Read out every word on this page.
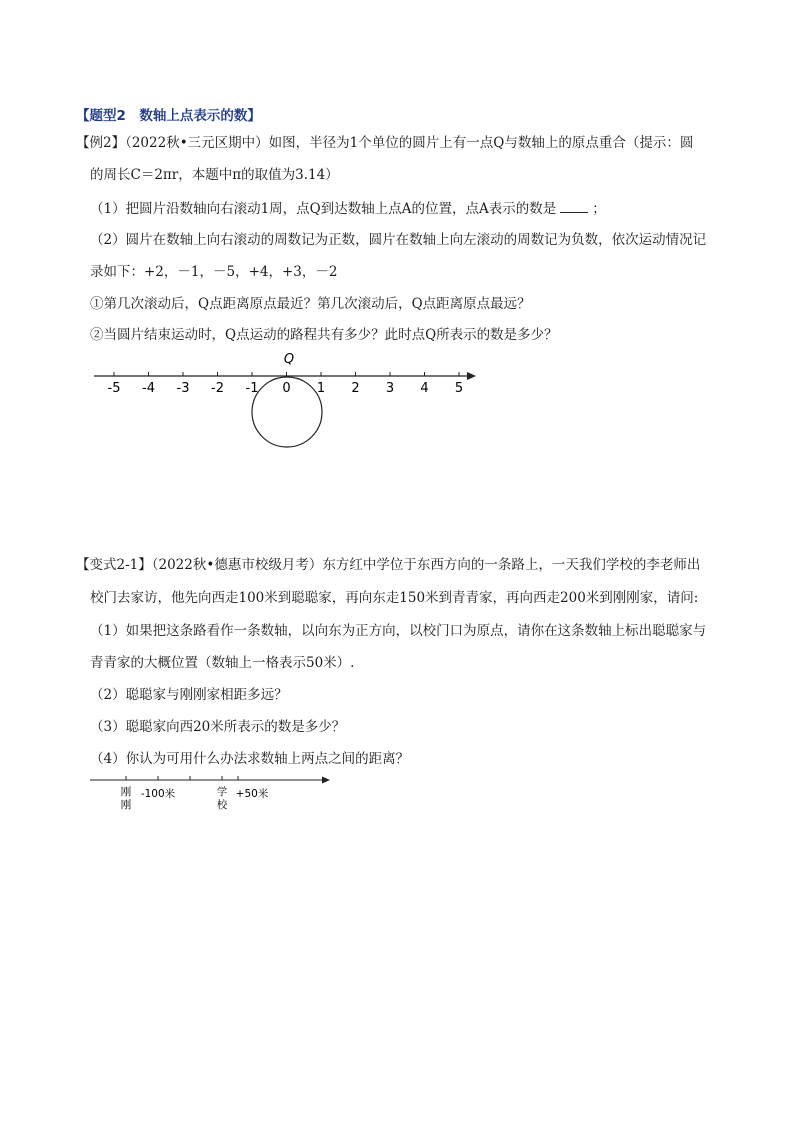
【题型2　数轴上点表示的数】
【例2】（2022秋•三元区期中）如图，半径为1个单位的圆片上有一点Q与数轴上的原点重合（提示：圆
的周长C＝2πr，本题中π的取值为3.14）
（1）把圆片沿数轴向右滚动1周，点Q到达数轴上点A的位置，点A表示的数是	；
（2）圆片在数轴上向右滚动的周数记为正数，圆片在数轴上向左滚动的周数记为负数，依次运动情况记
录如下：+2，－1，－5，+4，+3，－2
①第几次滚动后，Q点距离原点最近？第几次滚动后，Q点距离原点最远？
②当圆片结束运动时，Q点运动的路程共有多少？此时点Q所表示的数是多少？
-5 -4 -3 -2 -1 0 1 2 3 4 5
Q
【变式2-1】（2022秋•德惠市校级月考）东方红中学位于东西方向的一条路上，一天我们学校的李老师出
校门去家访，他先向西走100米到聪聪家，再向东走150米到青青家，再向西走200米到刚刚家，请问:
（1）如果把这条路看作一条数轴，以向东为正方向，以校门口为原点，请你在这条数轴上标出聪聪家与
青青家的大概位置（数轴上一格表示50米）.
（2）聪聪家与刚刚家相距多远？
（3）聪聪家向西20米所表示的数是多少？
（4）你认为可用什么办法求数轴上两点之间的距离？
刚
刚
-100米	学
校
+50米
